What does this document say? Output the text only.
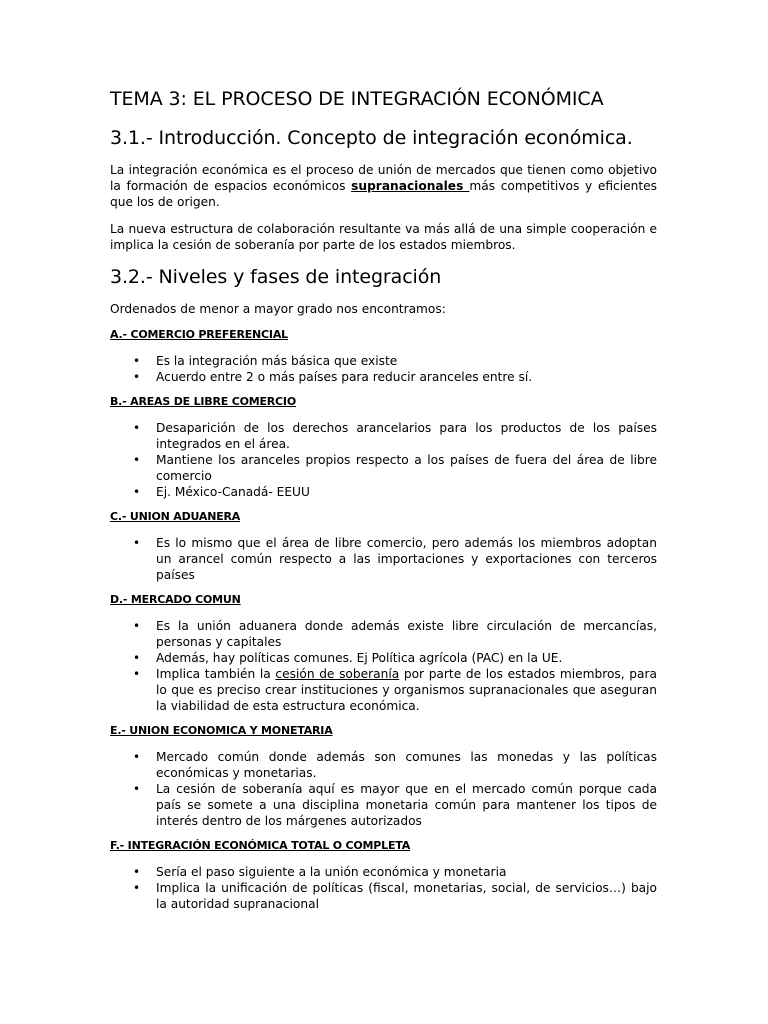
TEMA 3: EL PROCESO DE INTEGRACIÓN ECONÓMICA
3.1.- Introducción. Concepto de integración económica.

La integración económica es el proceso de unión de mercados que tienen como objetivo la formación de espacios económicos supranacionales más competitivos y eficientes que los de origen.

La nueva estructura de colaboración resultante va más allá de una simple cooperación e implica la cesión de soberanía por parte de los estados miembros.

3.2.- Niveles y fases de integración

Ordenados de menor a mayor grado nos encontramos:

A.- COMERCIO PREFERENCIAL
• Es la integración más básica que existe
• Acuerdo entre 2 o más países para reducir aranceles entre sí.
B.- AREAS DE LIBRE COMERCIO
• Desaparición de los derechos arancelarios para los productos de los países integrados en el área.
• Mantiene los aranceles propios respecto a los países de fuera del área de libre comercio
• Ej. México-Canadá- EEUU
C.- UNION ADUANERA
• Es lo mismo que el área de libre comercio, pero además los miembros adoptan un arancel común respecto a las importaciones y exportaciones con terceros países
D.- MERCADO COMUN
• Es la unión aduanera donde además existe libre circulación de mercancías, personas y capitales
• Además, hay políticas comunes. Ej Política agrícola (PAC) en la UE.
• Implica también la cesión de soberanía por parte de los estados miembros, para lo que es preciso crear instituciones y organismos supranacionales que aseguran la viabilidad de esta estructura económica.
E.- UNION ECONOMICA Y MONETARIA
• Mercado común donde además son comunes las monedas y las políticas económicas y monetarias.
• La cesión de soberanía aquí es mayor que en el mercado común porque cada país se somete a una disciplina monetaria común para mantener los tipos de interés dentro de los márgenes autorizados
F.- INTEGRACIÓN ECONÓMICA TOTAL O COMPLETA
• Sería el paso siguiente a la unión económica y monetaria
• Implica la unificación de políticas (fiscal, monetarias, social, de servicios…) bajo la autoridad supranacional
